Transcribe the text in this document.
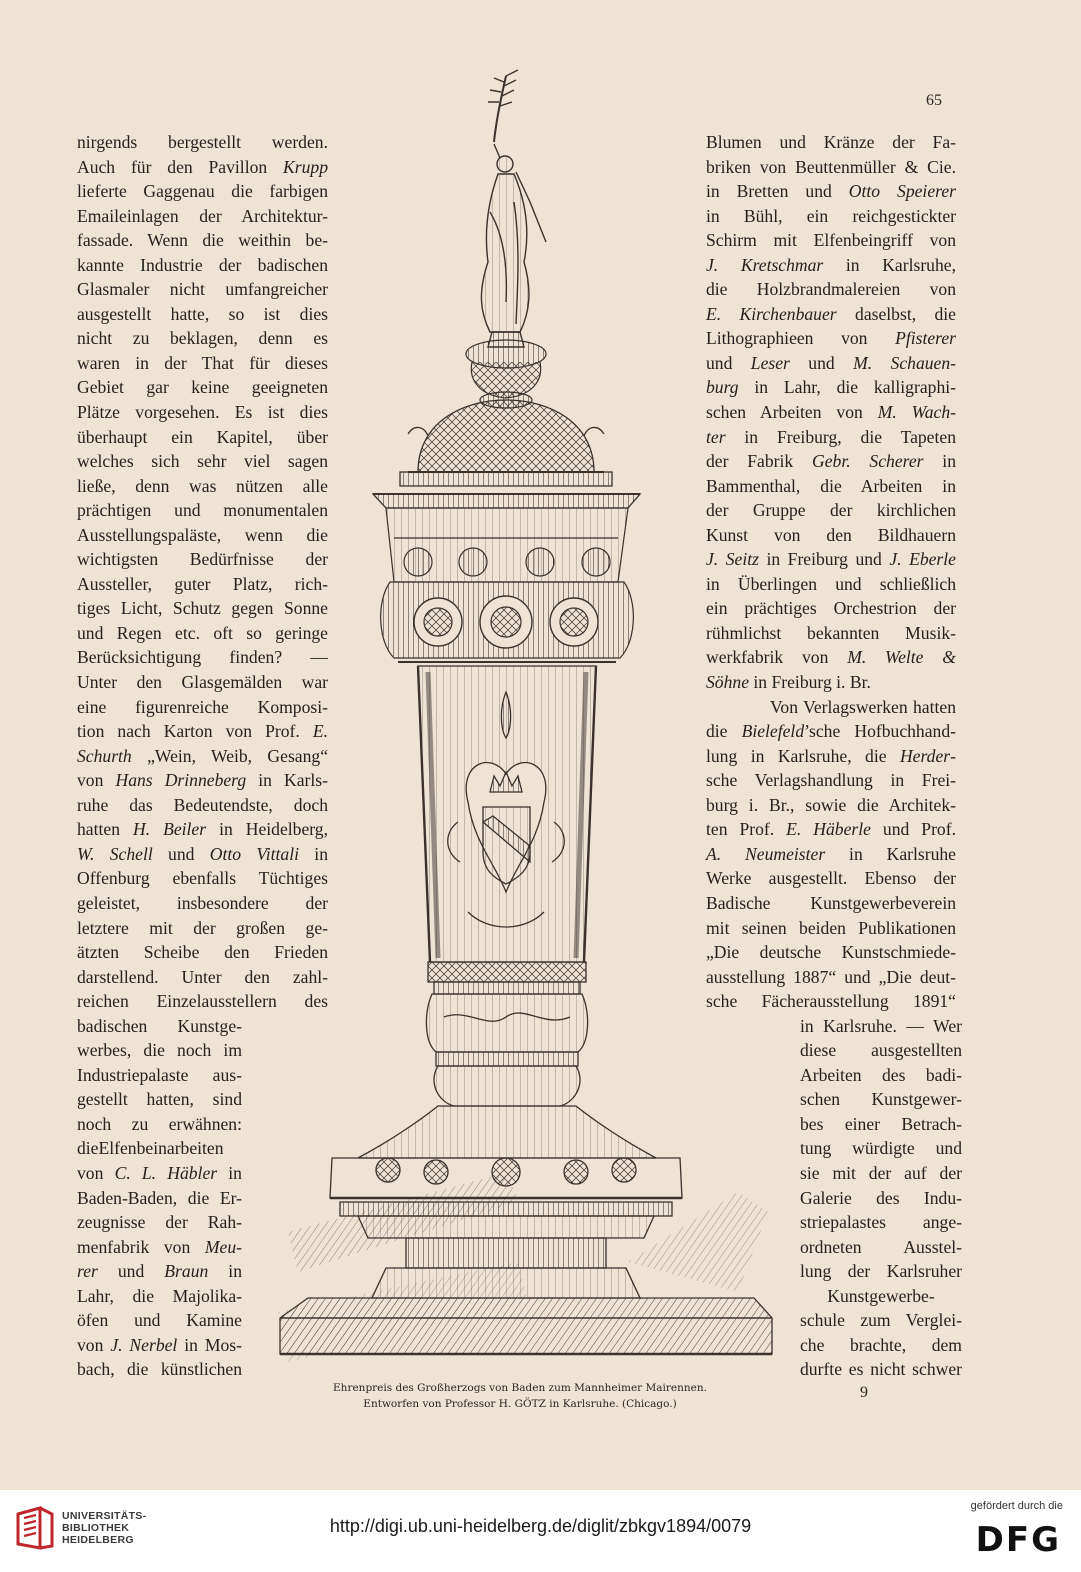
65
nirgends bergestellt werden.
Auch für den Pavillon Krupp
lieferte Gaggenau die farbigen
Emaileinlagen der Architektur-
fassade. Wenn die weithin be-
kannte Industrie der badischen
Glasmaler nicht umfangreicher
ausgestellt hatte, so ist dies
nicht zu beklagen, denn es
waren in der That für dieses
Gebiet gar keine geeigneten
Plätze vorgesehen. Es ist dies
überhaupt ein Kapitel, über
welches sich sehr viel sagen
ließe, denn was nützen alle
prächtigen und monumentalen
Ausstellungspaläste, wenn die
wichtigsten Bedürfnisse der
Aussteller, guter Platz, rich-
tiges Licht, Schutz gegen Sonne
und Regen etc. oft so geringe
Berücksichtigung finden? —
Unter den Glasgemälden war
eine figurenreiche Komposi-
tion nach Karton von Prof. E.
Schurth „Wein, Weib, Gesang“
von Hans Drinneberg in Karls-
ruhe das Bedeutendste, doch
hatten H. Beiler in Heidelberg,
W. Schell und Otto Vittali in
Offenburg ebenfalls Tüchtiges
geleistet, insbesondere der
letztere mit der großen ge-
ätzten Scheibe den Frieden
darstellend. Unter den zahl-
reichen Einzelausstellern des
badischen Kunstge-
werbes, die noch im
Industriepalaste aus-
gestellt hatten, sind
noch zu erwähnen:
dieElfenbeinarbeiten
von C. L. Häbler in
Baden-Baden, die Er-
zeugnisse der Rah-
menfabrik von Meu-
rer und Braun in
Lahr, die Majolika-
öfen und Kamine
von J. Nerbel in Mos-
bach, die künstlichen
Blumen und Kränze der Fa-
briken von Beuttenmüller & Cie.
in Bretten und Otto Speierer
in Bühl, ein reichgestickter
Schirm mit Elfenbeingriff von
J. Kretschmar in Karlsruhe,
die Holzbrandmalereien von
E. Kirchenbauer daselbst, die
Lithographieen von Pfisterer
und Leser und M. Schauen-
burg in Lahr, die kalligraphi-
schen Arbeiten von M. Wach-
ter in Freiburg, die Tapeten
der Fabrik Gebr. Scherer in
Bammenthal, die Arbeiten in
der Gruppe der kirchlichen
Kunst von den Bildhauern
J. Seitz in Freiburg und J. Eberle
in Überlingen und schließlich
ein prächtiges Orchestrion der
rühmlichst bekannten Musik-
werkfabrik von M. Welte &
Söhne in Freiburg i. Br.
Von Verlagswerken hatten
die Bielefeld’sche Hofbuchhand-
lung in Karlsruhe, die Herder-
sche Verlagshandlung in Frei-
burg i. Br., sowie die Architek-
ten Prof. E. Häberle und Prof.
A. Neumeister in Karlsruhe
Werke ausgestellt. Ebenso der
Badische Kunstgewerbeverein
mit seinen beiden Publikationen
„Die deutsche Kunstschmiede-
ausstellung 1887“ und „Die deut-
sche Fächerausstellung 1891“
in Karlsruhe. — Wer
diese ausgestellten
Arbeiten des badi-
schen Kunstgewer-
bes einer Betrach-
tung würdigte und
sie mit der auf der
Galerie des Indu-
striepalastes ange-
ordneten Ausstel-
lung der Karlsruher
Kunstgewerbe-
schule zum Verglei-
che brachte, dem
durfte es nicht schwer
Ehrenpreis des Großherzogs von Baden zum Mannheimer Mairennen.
Entworfen von Professor H. GÖTZ in Karlsruhe. (Chicago.)
9
UNIVERSITÄTS-
BIBLIOTHEK
HEIDELBERG
http://digi.ub.uni-heidelberg.de/diglit/zbkgv1894/0079
gefördert durch die
DFG
